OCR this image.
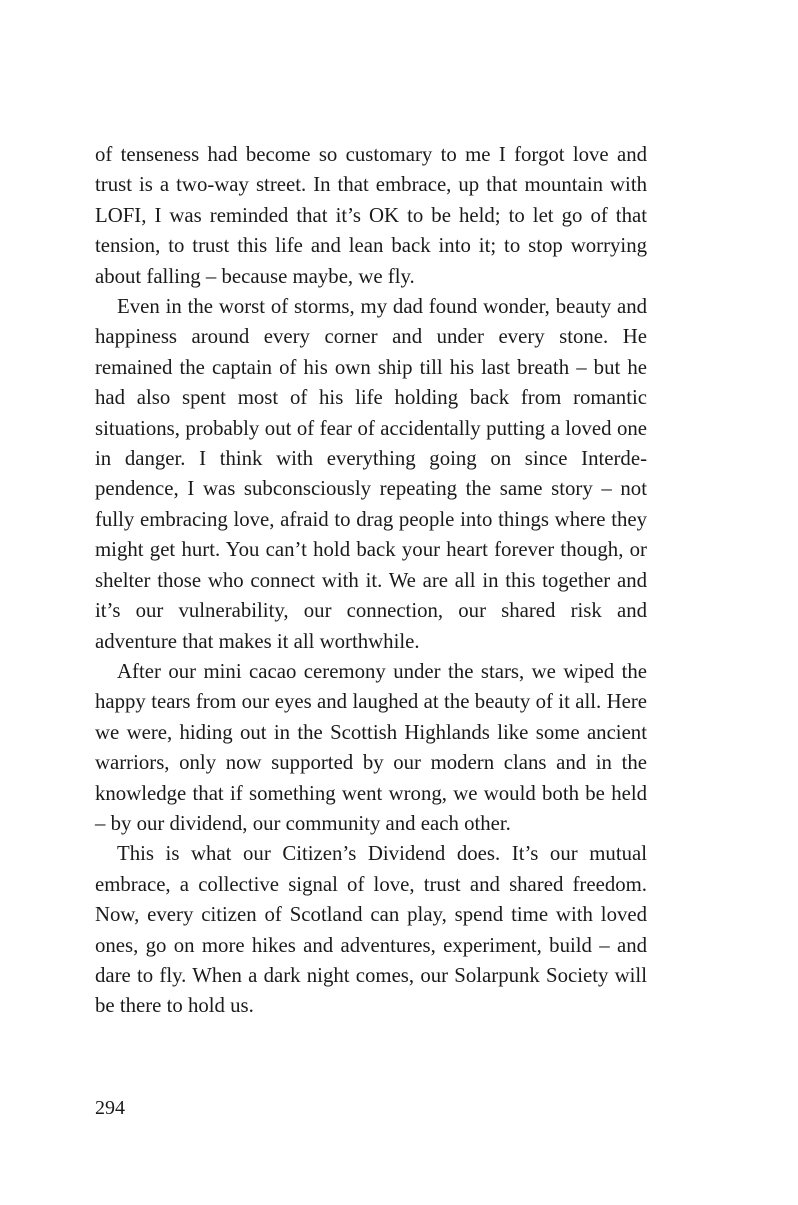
of tenseness had become so customary to me I forgot love and trust is a two-way street. In that embrace, up that mountain with LOFI, I was reminded that it’s OK to be held; to let go of that tension, to trust this life and lean back into it; to stop worrying about falling – because maybe, we fly.

Even in the worst of storms, my dad found wonder, beauty and happiness around every corner and under every stone. He remained the captain of his own ship till his last breath – but he had also spent most of his life holding back from romantic situations, probably out of fear of accidentally putting a loved one in danger. I think with everything going on since Interdependence, I was subconsciously repeating the same story – not fully embracing love, afraid to drag people into things where they might get hurt. You can’t hold back your heart forever though, or shelter those who connect with it. We are all in this together and it’s our vulnerability, our connection, our shared risk and adventure that makes it all worthwhile.

After our mini cacao ceremony under the stars, we wiped the happy tears from our eyes and laughed at the beauty of it all. Here we were, hiding out in the Scottish Highlands like some ancient warriors, only now supported by our modern clans and in the knowledge that if something went wrong, we would both be held – by our dividend, our community and each other.

This is what our Citizen’s Dividend does. It’s our mutual embrace, a collective signal of love, trust and shared freedom. Now, every citizen of Scotland can play, spend time with loved ones, go on more hikes and adventures, experiment, build – and dare to fly. When a dark night comes, our Solarpunk Society will be there to hold us.

294
